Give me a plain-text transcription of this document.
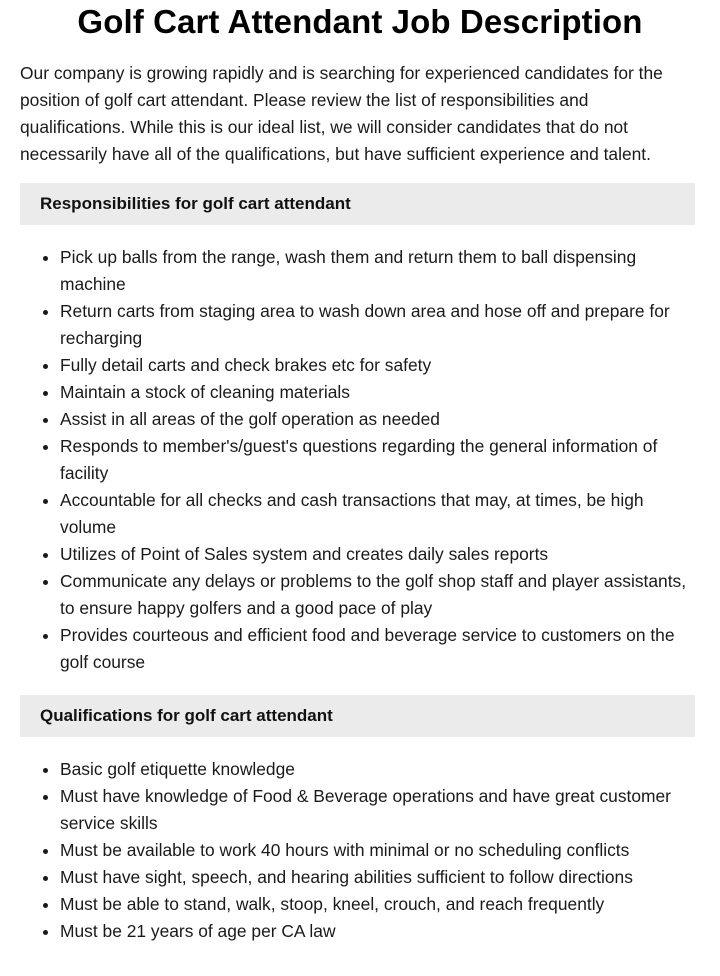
Golf Cart Attendant Job Description

Our company is growing rapidly and is searching for experienced candidates for the position of golf cart attendant. Please review the list of responsibilities and qualifications. While this is our ideal list, we will consider candidates that do not necessarily have all of the qualifications, but have sufficient experience and talent.

Responsibilities for golf cart attendant
Pick up balls from the range, wash them and return them to ball dispensing machine
Return carts from staging area to wash down area and hose off and prepare for recharging
Fully detail carts and check brakes etc for safety
Maintain a stock of cleaning materials
Assist in all areas of the golf operation as needed
Responds to member's/guest's questions regarding the general information of facility
Accountable for all checks and cash transactions that may, at times, be high volume
Utilizes of Point of Sales system and creates daily sales reports
Communicate any delays or problems to the golf shop staff and player assistants, to ensure happy golfers and a good pace of play
Provides courteous and efficient food and beverage service to customers on the golf course
Qualifications for golf cart attendant
Basic golf etiquette knowledge
Must have knowledge of Food & Beverage operations and have great customer service skills
Must be available to work 40 hours with minimal or no scheduling conflicts
Must have sight, speech, and hearing abilities sufficient to follow directions
Must be able to stand, walk, stoop, kneel, crouch, and reach frequently
Must be 21 years of age per CA law
